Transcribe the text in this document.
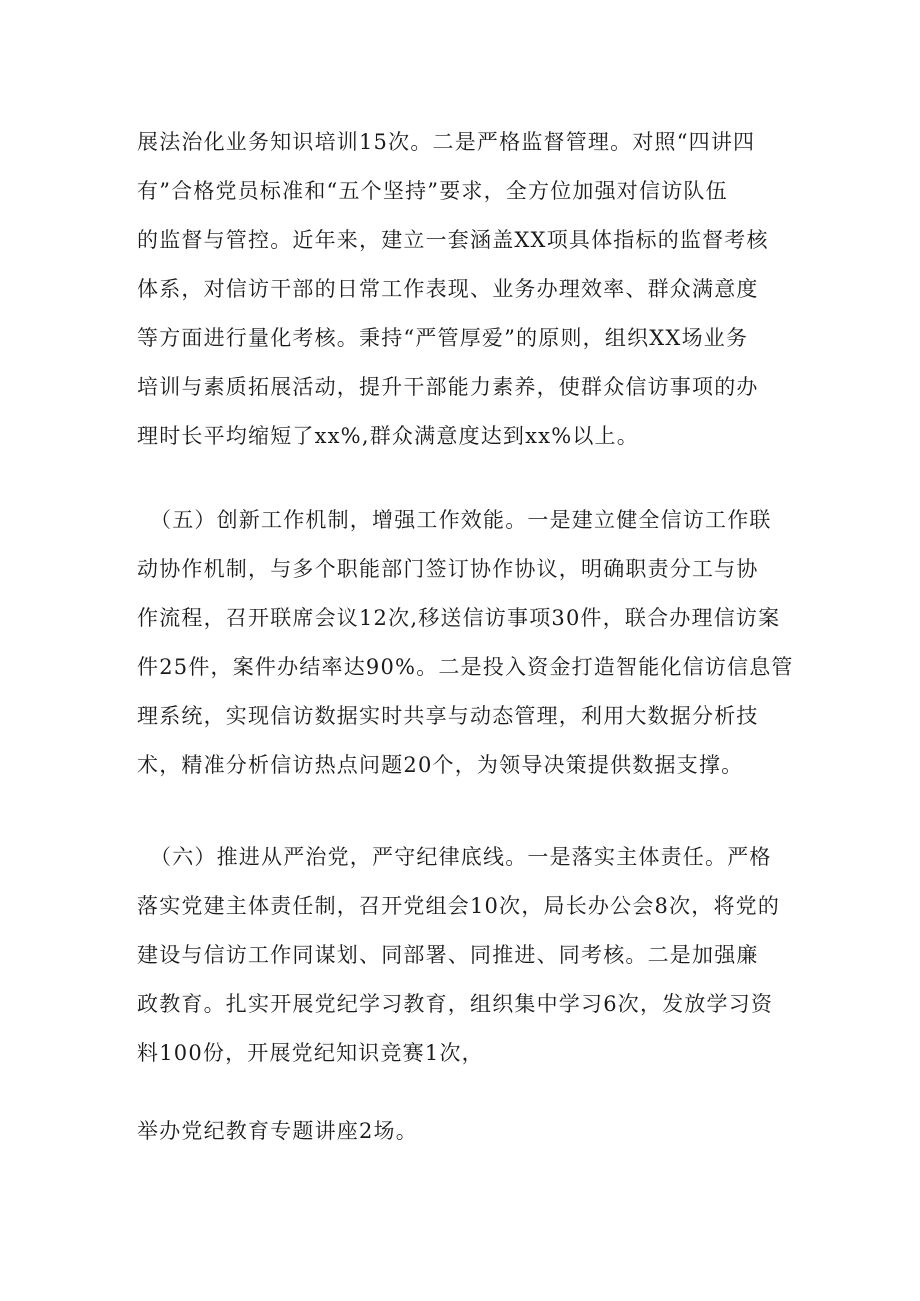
展法治化业务知识培训15次。二是严格监督管理。对照“四讲四
有”合格党员标准和“五个坚持”要求，全方位加强对信访队伍
的监督与管控。近年来，建立一套涵盖XX项具体指标的监督考核
体系，对信访干部的日常工作表现、业务办理效率、群众满意度
等方面进行量化考核。秉持“严管厚爱”的原则，组织XX场业务
培训与素质拓展活动，提升干部能力素养，使群众信访事项的办
理时长平均缩短了xx%,群众满意度达到xx%以上。
（五）创新工作机制，增强工作效能。一是建立健全信访工作联
动协作机制，与多个职能部门签订协作协议，明确职责分工与协
作流程，召开联席会议12次,移送信访事项30件，联合办理信访案
件25件，案件办结率达90%。二是投入资金打造智能化信访信息管
理系统，实现信访数据实时共享与动态管理，利用大数据分析技
术，精准分析信访热点问题20个，为领导决策提供数据支撑。
（六）推进从严治党，严守纪律底线。一是落实主体责任。严格
落实党建主体责任制，召开党组会10次，局长办公会8次，将党的
建设与信访工作同谋划、同部署、同推进、同考核。二是加强廉
政教育。扎实开展党纪学习教育，组织集中学习6次，发放学习资
料100份，开展党纪知识竞赛1次，
举办党纪教育专题讲座2场。
